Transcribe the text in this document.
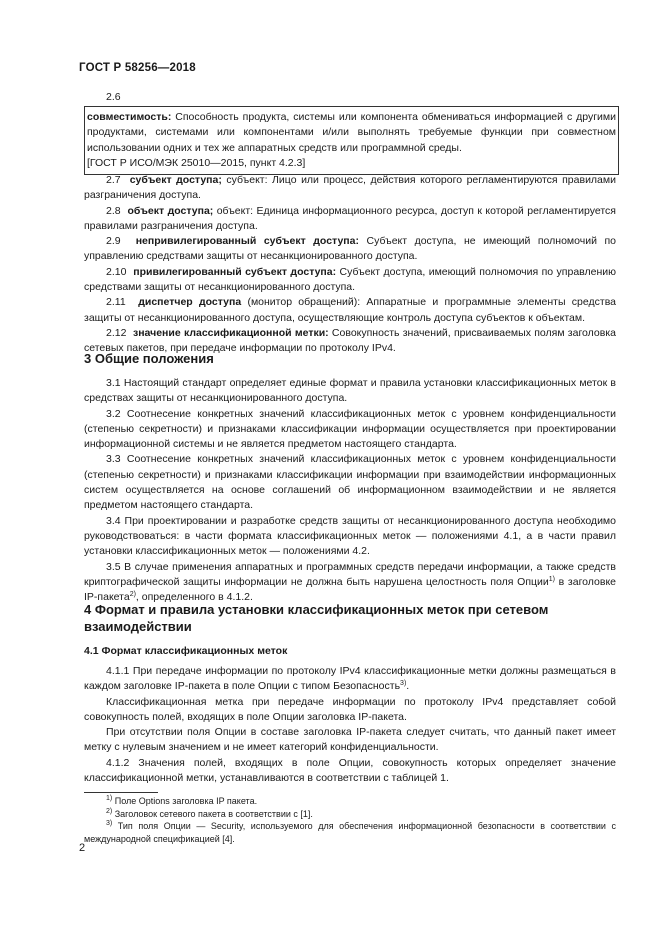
ГОСТ Р 58256—2018
2.6

совместимость: Способность продукта, системы или компонента обмениваться информацией с другими продуктами, системами или компонентами и/или выполнять требуемые функции при совместном использовании одних и тех же аппаратных средств или программной среды.

[ГОСТ Р ИСО/МЭК 25010—2015, пункт 4.2.3]

2.7 субъект доступа; субъект: Лицо или процесс, действия которого регламентируются правилами разграничения доступа.

2.8 объект доступа; объект: Единица информационного ресурса, доступ к которой регламентируется правилами разграничения доступа.

2.9 непривилегированный субъект доступа: Субъект доступа, не имеющий полномочий по управлению средствами защиты от несанкционированного доступа.

2.10 привилегированный субъект доступа: Субъект доступа, имеющий полномочия по управлению средствами защиты от несанкционированного доступа.

2.11 диспетчер доступа (монитор обращений): Аппаратные и программные элементы средства защиты от несанкционированного доступа, осуществляющие контроль доступа субъектов к объектам.

2.12 значение классификационной метки: Совокупность значений, присваиваемых полям заголовка сетевых пакетов, при передаче информации по протоколу IPv4.

3 Общие положения

3.1 Настоящий стандарт определяет единые формат и правила установки классификационных меток в средствах защиты от несанкционированного доступа.

3.2 Соотнесение конкретных значений классификационных меток с уровнем конфиденциальности (степенью секретности) и признаками классификации информации осуществляется при проектировании информационной системы и не является предметом настоящего стандарта.

3.3 Соотнесение конкретных значений классификационных меток с уровнем конфиденциальности (степенью секретности) и признаками классификации информации при взаимодействии информационных систем осуществляется на основе соглашений об информационном взаимодействии и не является предметом настоящего стандарта.

3.4 При проектировании и разработке средств защиты от несанкционированного доступа необходимо руководствоваться: в части формата классификационных меток — положениями 4.1, а в части правил установки классификационных меток — положениями 4.2.

3.5 В случае применения аппаратных и программных средств передачи информации, а также средств криптографической защиты информации не должна быть нарушена целостность поля Опции$^{1)}$ в заголовке IP-пакета$^{2)}$, определенного в 4.1.2.

4 Формат и правила установки классификационных меток при сетевом взаимодействии

4.1 Формат классификационных меток

4.1.1 При передаче информации по протоколу IPv4 классификационные метки должны размещаться в каждом заголовке IP-пакета в поле Опции с типом Безопасность$^{3)}$.

Классификационная метка при передаче информации по протоколу IPv4 представляет собой совокупность полей, входящих в поле Опции заголовка IP-пакета.

При отсутствии поля Опции в составе заголовка IP-пакета следует считать, что данный пакет имеет метку с нулевым значением и не имеет категорий конфиденциальности.

4.1.2 Значения полей, входящих в поле Опции, совокупность которых определяет значение классификационной метки, устанавливаются в соответствии с таблицей 1.

$^{1)}$ Поле Options заголовка IP пакета.

$^{2)}$ Заголовок сетевого пакета в соответствии с [1].

$^{3)}$ Тип поля Опции — Security, используемого для обеспечения информационной безопасности в соответствии с международной спецификацией [4].

2
